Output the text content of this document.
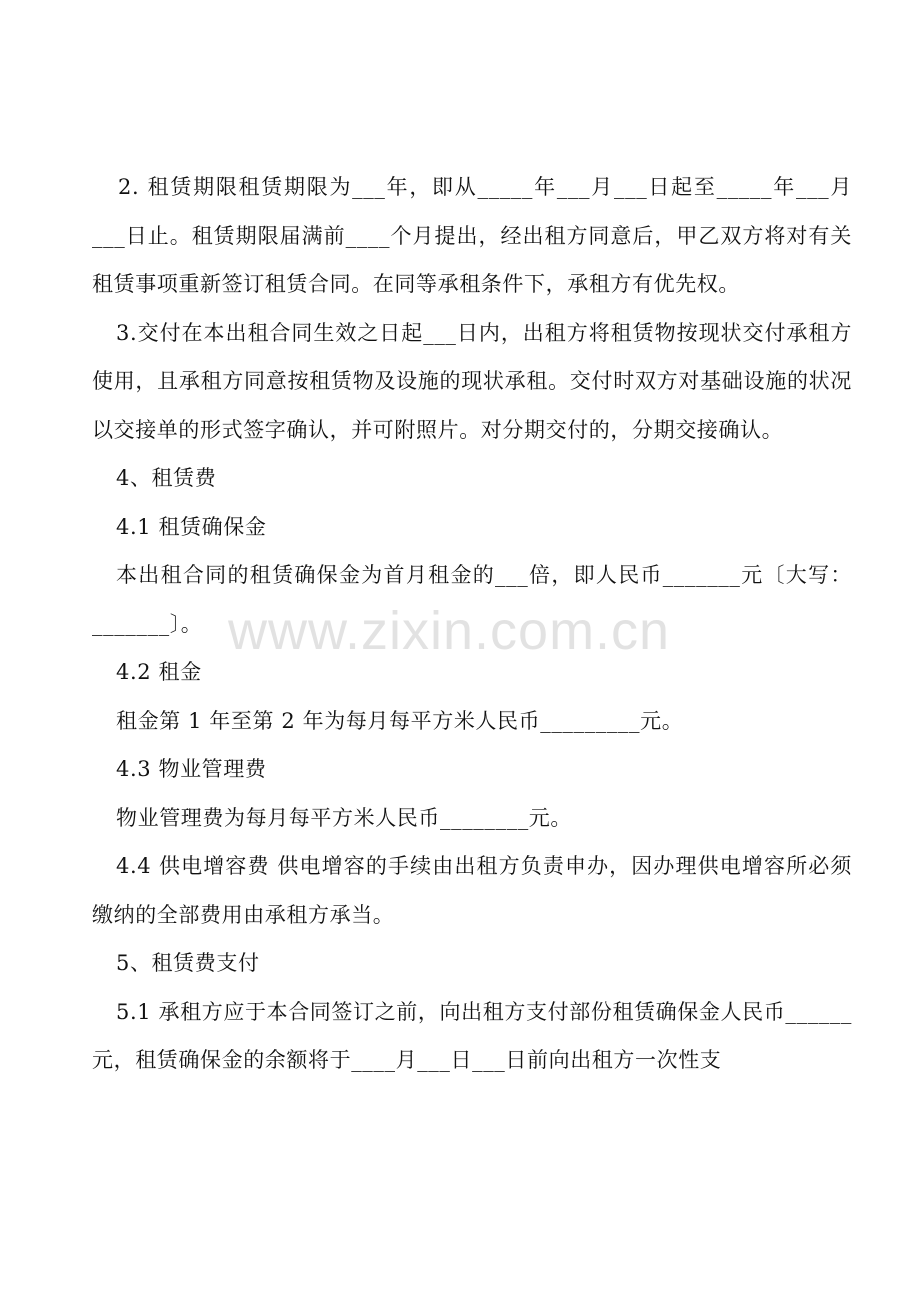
2. 租赁期限租赁期限为___年，即从_____年___月___日起至_____年___月___日止。租赁期限届满前____个月提出，经出租方同意后，甲乙双方将对有关租赁事项重新签订租赁合同。在同等承租条件下，承租方有优先权。

3.交付在本出租合同生效之日起___日内，出租方将租赁物按现状交付承租方使用，且承租方同意按租赁物及设施的现状承租。交付时双方对基础设施的状况以交接单的形式签字确认，并可附照片。对分期交付的，分期交接确认。

4、租赁费

4.1 租赁确保金

本出租合同的租赁确保金为首月租金的___倍，即人民币_______元〔大写：_______〕。

4.2 租金

租金第 1 年至第 2 年为每月每平方米人民币_________元。

4.3 物业管理费

物业管理费为每月每平方米人民币________元。

4.4 供电增容费 供电增容的手续由出租方负责申办，因办理供电增容所必须缴纳的全部费用由承租方承当。

5、租赁费支付

5.1 承租方应于本合同签订之前，向出租方支付部份租赁确保金人民币______元，租赁确保金的余额将于____月___日___日前向出租方一次性支

www.zixin.com.cn
